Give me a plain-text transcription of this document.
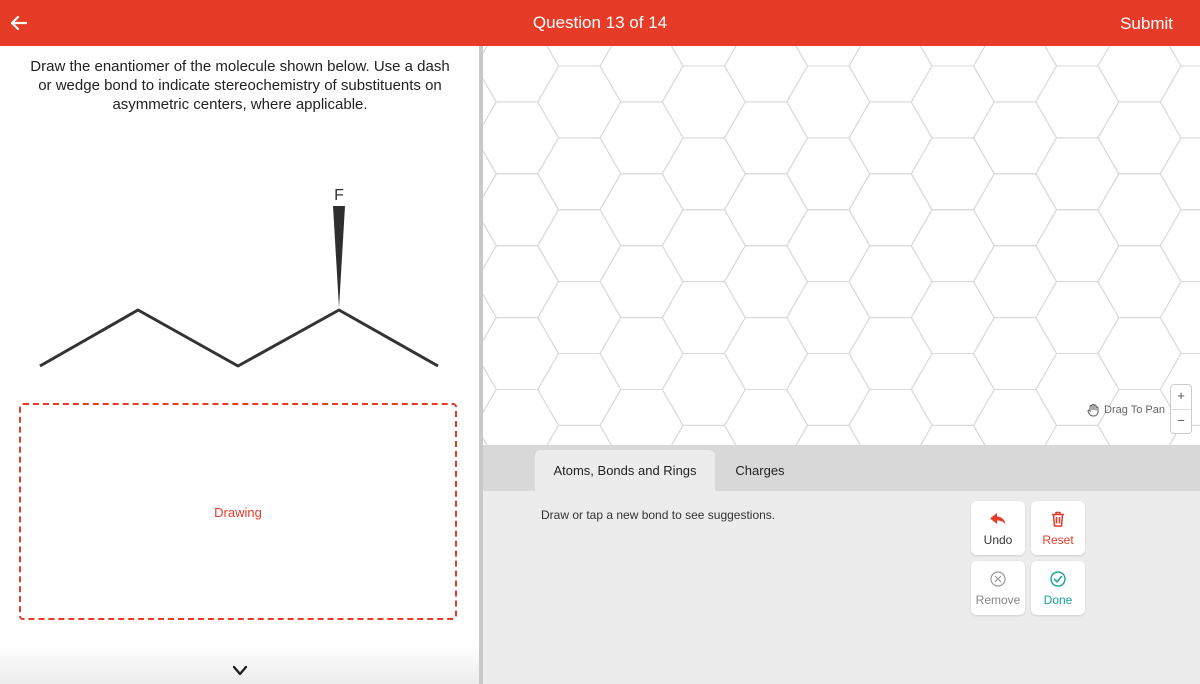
Question 13 of 14	Submit
Draw the enantiomer of the molecule shown below. Use a dash or wedge bond to indicate stereochemistry of substituents on asymmetric centers, where applicable.
F
Drawing
Drag To Pan
+
−
Atoms, Bonds and Rings	Charges
Draw or tap a new bond to see suggestions.
Undo	Reset
Remove	Done
